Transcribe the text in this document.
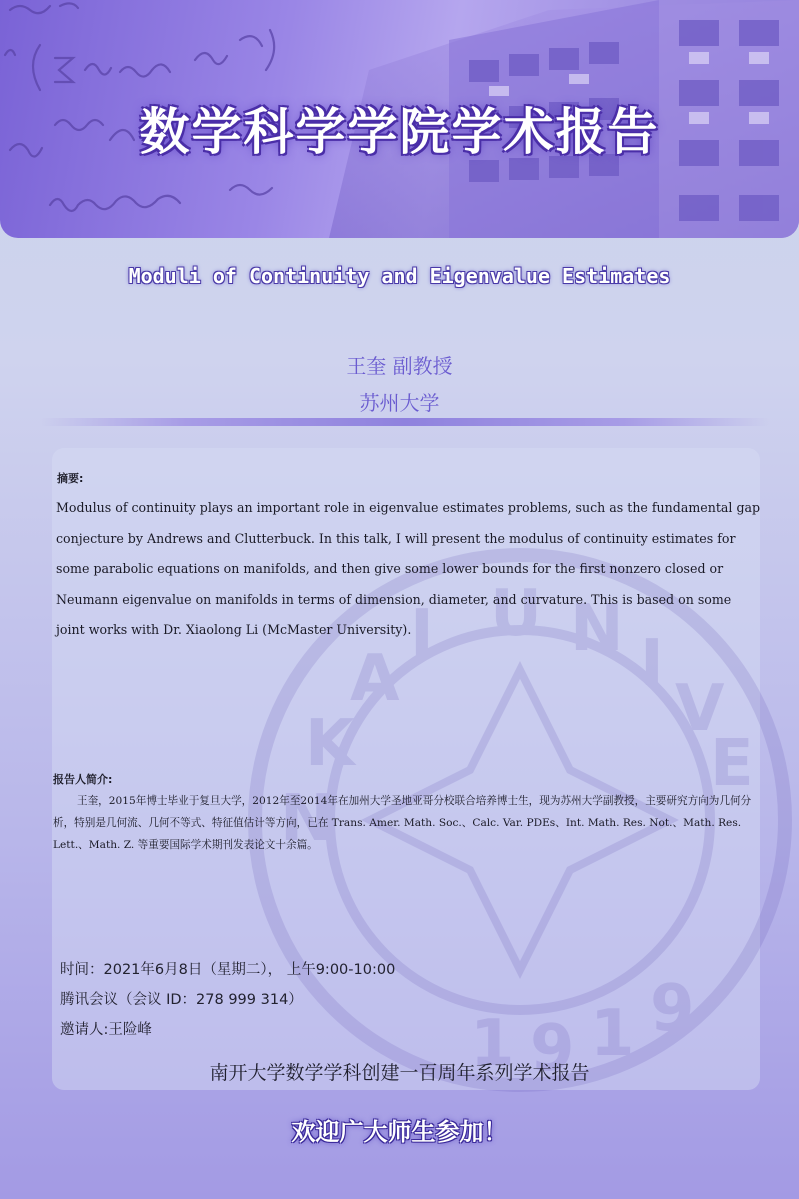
数学科学学院学术报告
Moduli of Continuity and Eigenvalue Estimates
王奎 副教授
苏州大学
U N I
V
E
I
A
K
N
1 9 1 9
摘要:
Modulus of continuity plays an important role in eigenvalue estimates problems, such as the fundamental gap conjecture by Andrews and Clutterbuck. In this talk, I will present the modulus of continuity estimates for some parabolic equations on manifolds, and then give some lower bounds for the first nonzero closed or Neumann eigenvalue on manifolds in terms of dimension, diameter, and curvature. This is based on some joint works with Dr. Xiaolong Li (McMaster University).
报告人简介:
王奎，2015年博士毕业于复旦大学，2012年至2014年在加州大学圣地亚哥分校联合培养博士生，现为苏州大学副教授，主要研究方向为几何分析，特别是几何流、几何不等式、特征值估计等方向，已在 Trans. Amer. Math. Soc.、Calc. Var. PDEs、Int. Math. Res. Not.、Math. Res. Lett.、Math. Z. 等重要国际学术期刊发表论文十余篇。
时间：2021年6月8日（星期二）， 上午9:00-10:00
腾讯会议（会议 ID：278 999 314）
邀请人:王险峰
南开大学数学学科创建一百周年系列学术报告
欢迎广大师生参加！
